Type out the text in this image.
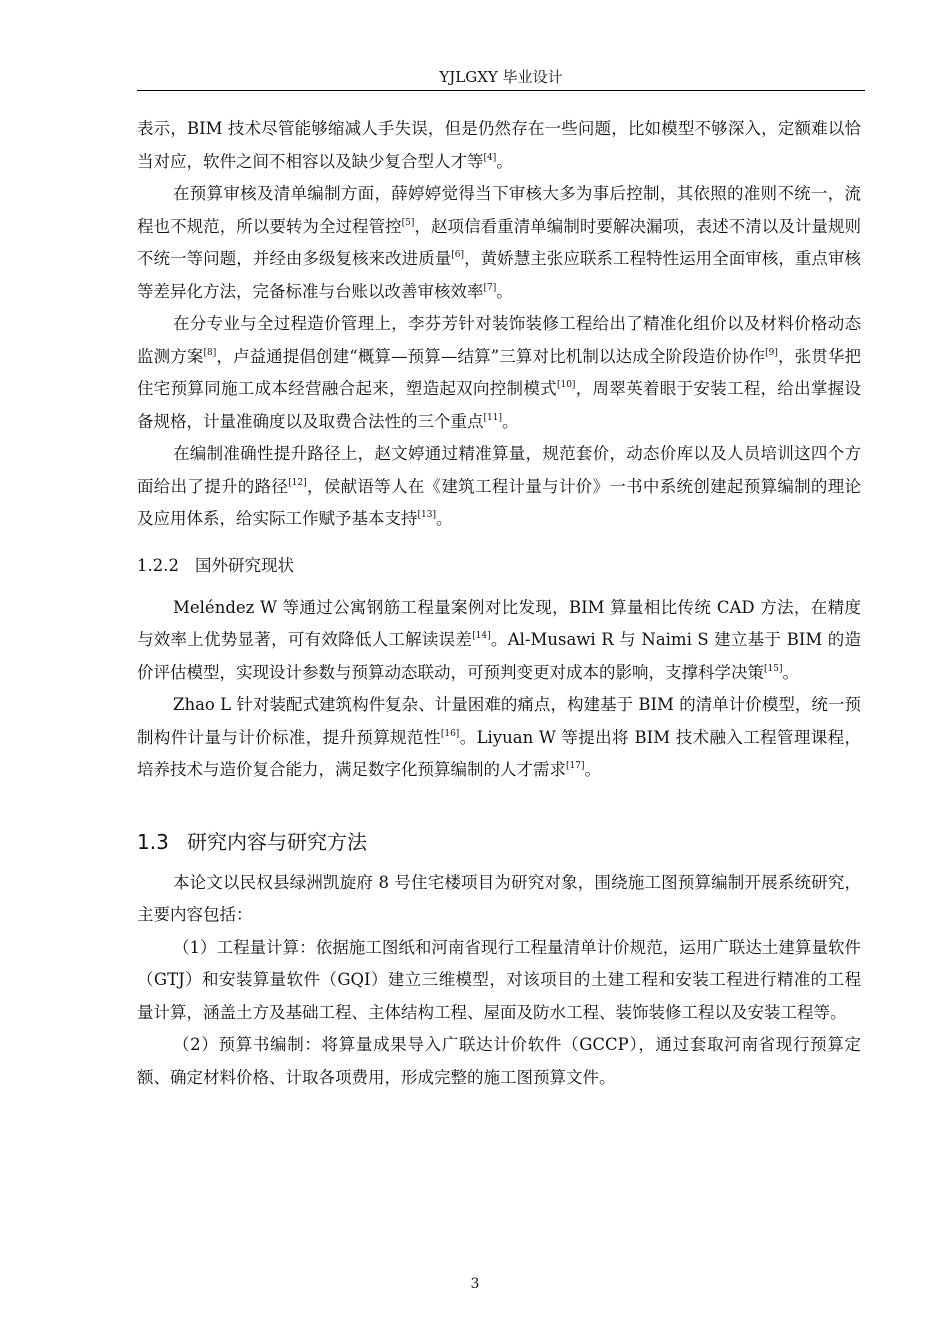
YJLGXY 毕业设计

表示，BIM 技术尽管能够缩减人手失误，但是仍然存在一些问题，比如模型不够深入，定额难以恰当对应，软件之间不相容以及缺少复合型人才等[4]。

在预算审核及清单编制方面，薛婷婷觉得当下审核大多为事后控制，其依照的准则不统一，流程也不规范，所以要转为全过程管控[5]，赵项信看重清单编制时要解决漏项，表述不清以及计量规则不统一等问题，并经由多级复核来改进质量[6]，黄娇慧主张应联系工程特性运用全面审核，重点审核等差异化方法，完备标准与台账以改善审核效率[7]。

在分专业与全过程造价管理上，李芬芳针对装饰装修工程给出了精准化组价以及材料价格动态监测方案[8]，卢益通提倡创建“概算—预算—结算”三算对比机制以达成全阶段造价协作[9]，张贯华把住宅预算同施工成本经营融合起来，塑造起双向控制模式[10]，周翠英着眼于安装工程，给出掌握设备规格，计量准确度以及取费合法性的三个重点[11]。

在编制准确性提升路径上，赵文婷通过精准算量，规范套价，动态价库以及人员培训这四个方面给出了提升的路径[12]，侯献语等人在《建筑工程计量与计价》一书中系统创建起预算编制的理论及应用体系，给实际工作赋予基本支持[13]。

1.2.2 国外研究现状

Meléndez W 等通过公寓钢筋工程量案例对比发现，BIM 算量相比传统 CAD 方法，在精度与效率上优势显著，可有效降低人工解读误差[14]。Al-Musawi R 与 Naimi S 建立基于 BIM 的造价评估模型，实现设计参数与预算动态联动，可预判变更对成本的影响，支撑科学决策[15]。

Zhao L 针对装配式建筑构件复杂、计量困难的痛点，构建基于 BIM 的清单计价模型，统一预制构件计量与计价标准，提升预算规范性[16]。Liyuan W 等提出将 BIM 技术融入工程管理课程，培养技术与造价复合能力，满足数字化预算编制的人才需求[17]。

1.3 研究内容与研究方法

本论文以民权县绿洲凯旋府 8 号住宅楼项目为研究对象，围绕施工图预算编制开展系统研究，主要内容包括：

（1）工程量计算：依据施工图纸和河南省现行工程量清单计价规范，运用广联达土建算量软件（GTJ）和安装算量软件（GQI）建立三维模型，对该项目的土建工程和安装工程进行精准的工程量计算，涵盖土方及基础工程、主体结构工程、屋面及防水工程、装饰装修工程以及安装工程等。

（2）预算书编制：将算量成果导入广联达计价软件（GCCP），通过套取河南省现行预算定额、确定材料价格、计取各项费用，形成完整的施工图预算文件。

3
